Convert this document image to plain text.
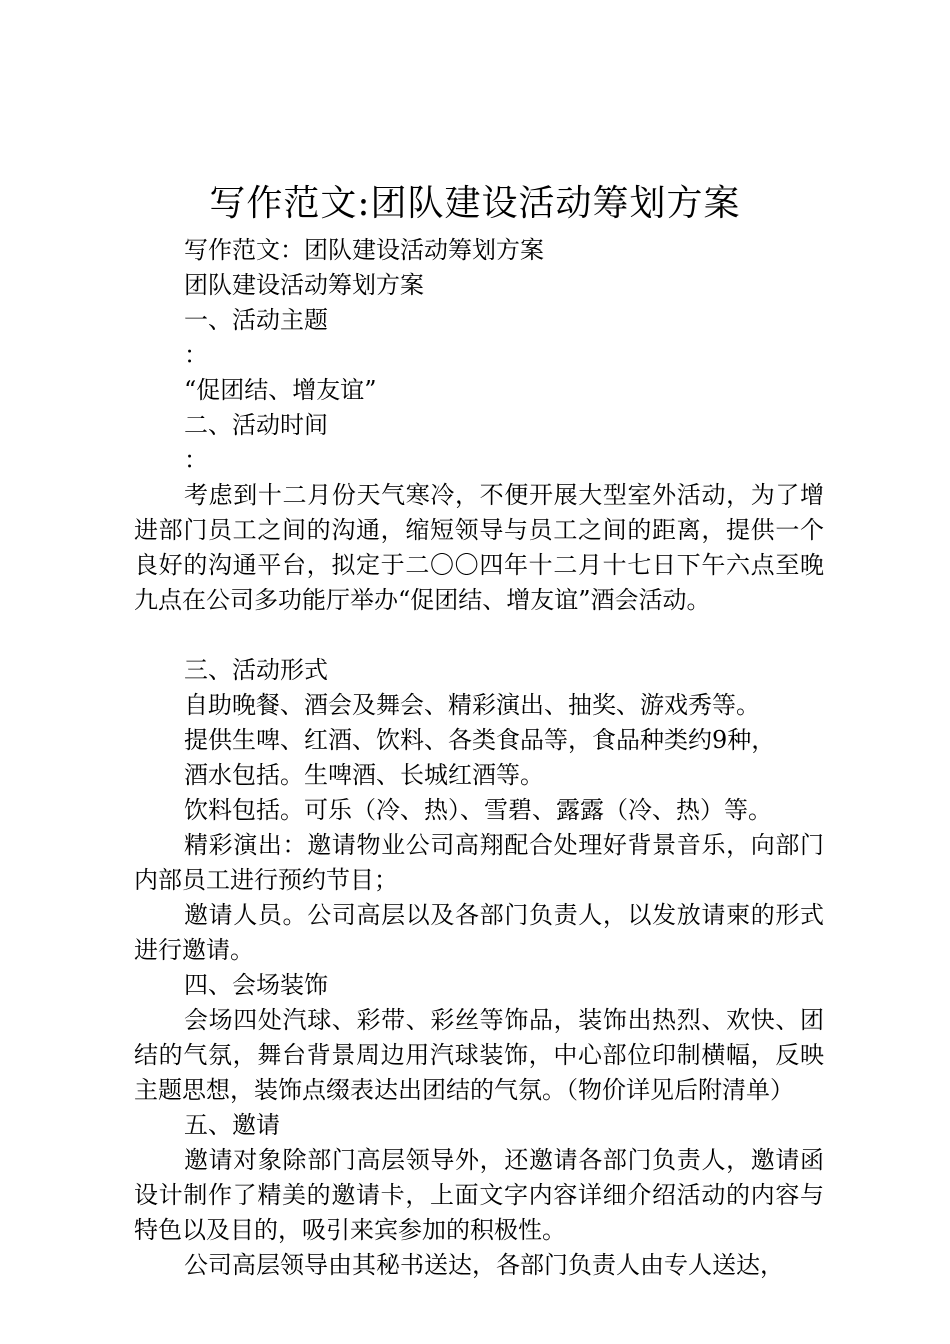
写作范文:团队建设活动筹划方案
写作范文：团队建设活动筹划方案
团队建设活动筹划方案
一、活动主题
：
“促团结、增友谊”
二、活动时间
：
考虑到十二月份天气寒冷，不便开展大型室外活动，为了增进部门员工之间的沟通，缩短领导与员工之间的距离，提供一个良好的沟通平台，拟定于二〇〇四年十二月十七日下午六点至晚九点在公司多功能厅举办“促团结、增友谊”酒会活动。
三、活动形式
自助晚餐、酒会及舞会、精彩演出、抽奖、游戏秀等。
提供生啤、红酒、饮料、各类食品等，食品种类约9种，
酒水包括。生啤酒、长城红酒等。
饮料包括。可乐（冷、热）、雪碧、露露（冷、热）等。
精彩演出：邀请物业公司高翔配合处理好背景音乐，向部门内部员工进行预约节目；
邀请人员。公司高层以及各部门负责人，以发放请柬的形式进行邀请。
四、会场装饰
会场四处汽球、彩带、彩丝等饰品，装饰出热烈、欢快、团结的气氛，舞台背景周边用汽球装饰，中心部位印制横幅，反映主题思想，装饰点缀表达出团结的气氛。（物价详见后附清单）
五、邀请
邀请对象除部门高层领导外，还邀请各部门负责人，邀请函设计制作了精美的邀请卡，上面文字内容详细介绍活动的内容与特色以及目的，吸引来宾参加的积极性。
公司高层领导由其秘书送达，各部门负责人由专人送达，
